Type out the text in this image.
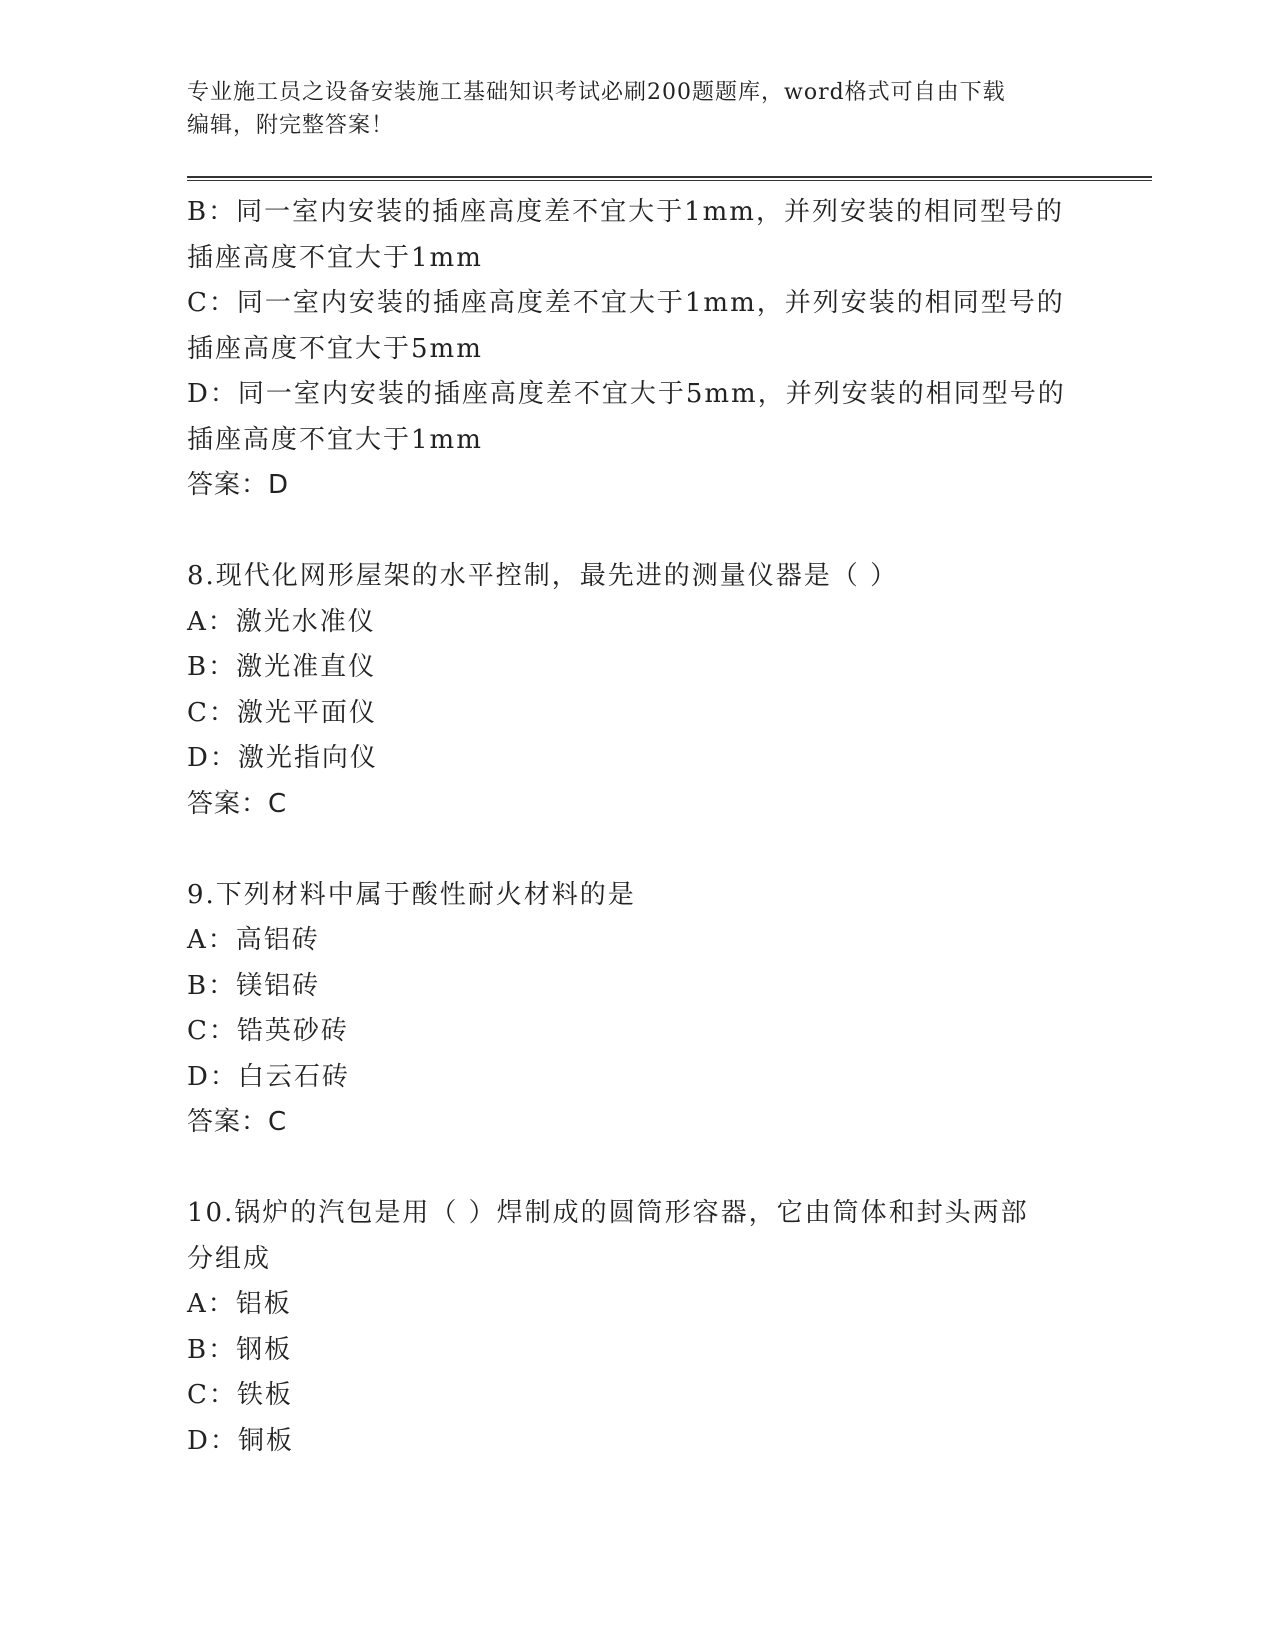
专业施工员之设备安装施工基础知识考试必刷200题题库，word格式可自由下载
编辑，附完整答案！
B：同一室内安装的插座高度差不宜大于1mm，并列安装的相同型号的
插座高度不宜大于1mm
C：同一室内安装的插座高度差不宜大于1mm，并列安装的相同型号的
插座高度不宜大于5mm
D：同一室内安装的插座高度差不宜大于5mm，并列安装的相同型号的
插座高度不宜大于1mm
答案：D
8.现代化网形屋架的水平控制，最先进的测量仪器是（ ）
A：激光水准仪
B：激光准直仪
C：激光平面仪
D：激光指向仪
答案：C
9.下列材料中属于酸性耐火材料的是
A：高铝砖
B：镁铝砖
C：锆英砂砖
D：白云石砖
答案：C
10.锅炉的汽包是用（ ）焊制成的圆筒形容器，它由筒体和封头两部
分组成
A：铝板
B：钢板
C：铁板
D：铜板
